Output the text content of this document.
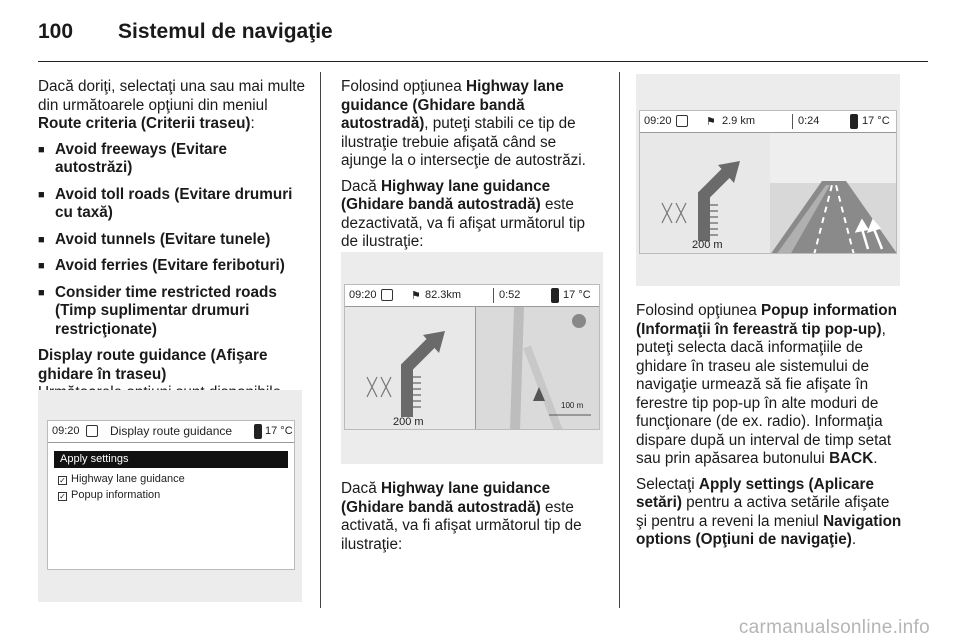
100 Sistemul de navigaţie

Dacă doriţi, selectaţi una sau mai multe din următoarele opţiuni din meniul Route criteria (Criterii traseu):

■ Avoid freeways (Evitare autostrăzi)
■ Avoid toll roads (Evitare drumuri cu taxă)
■ Avoid tunnels (Evitare tunele)
■ Avoid ferries (Evitare feriboturi)
■ Consider time restricted roads (Timp suplimentar drumuri restricţionate)
Display route guidance (Afişare ghidare în traseu)

09:20	Display route guidance	17 °C
Apply settings
✓ Highway lane guidance
✓ Popup information

Folosind opţiunea Highway lane guidance (Ghidare bandă autostradă), puteţi stabili ce tip de ilustraţie trebuie afişată când se ajunge la o intersecţie de autostrăzi.

Dacă Highway lane guidance (Ghidare bandă autostradă) este dezactivată, va fi afişat următorul tip de ilustraţie:

09:20	⚑ 82.3km	0:52	17 °C
200 m
100 m

Dacă Highway lane guidance (Ghidare bandă autostradă) este activată, va fi afişat următorul tip de ilustraţie:

09:20	⚑ 2.9 km	0:24	17 °C
200 m

Folosind opţiunea Popup information (Informaţii în fereastră tip pop-up), puteţi selecta dacă informaţiile de ghidare în traseu ale sistemului de navigaţie urmează să fie afişate în ferestre tip pop-up în alte moduri de funcţionare (de ex. radio). Informaţia dispare după un interval de timp setat sau prin apăsarea butonului BACK.

Selectaţi Apply settings (Aplicare setări) pentru a activa setările afişate şi pentru a reveni la meniul Navigation options (Opţiuni de navigaţie).

carmanualsonline.info
